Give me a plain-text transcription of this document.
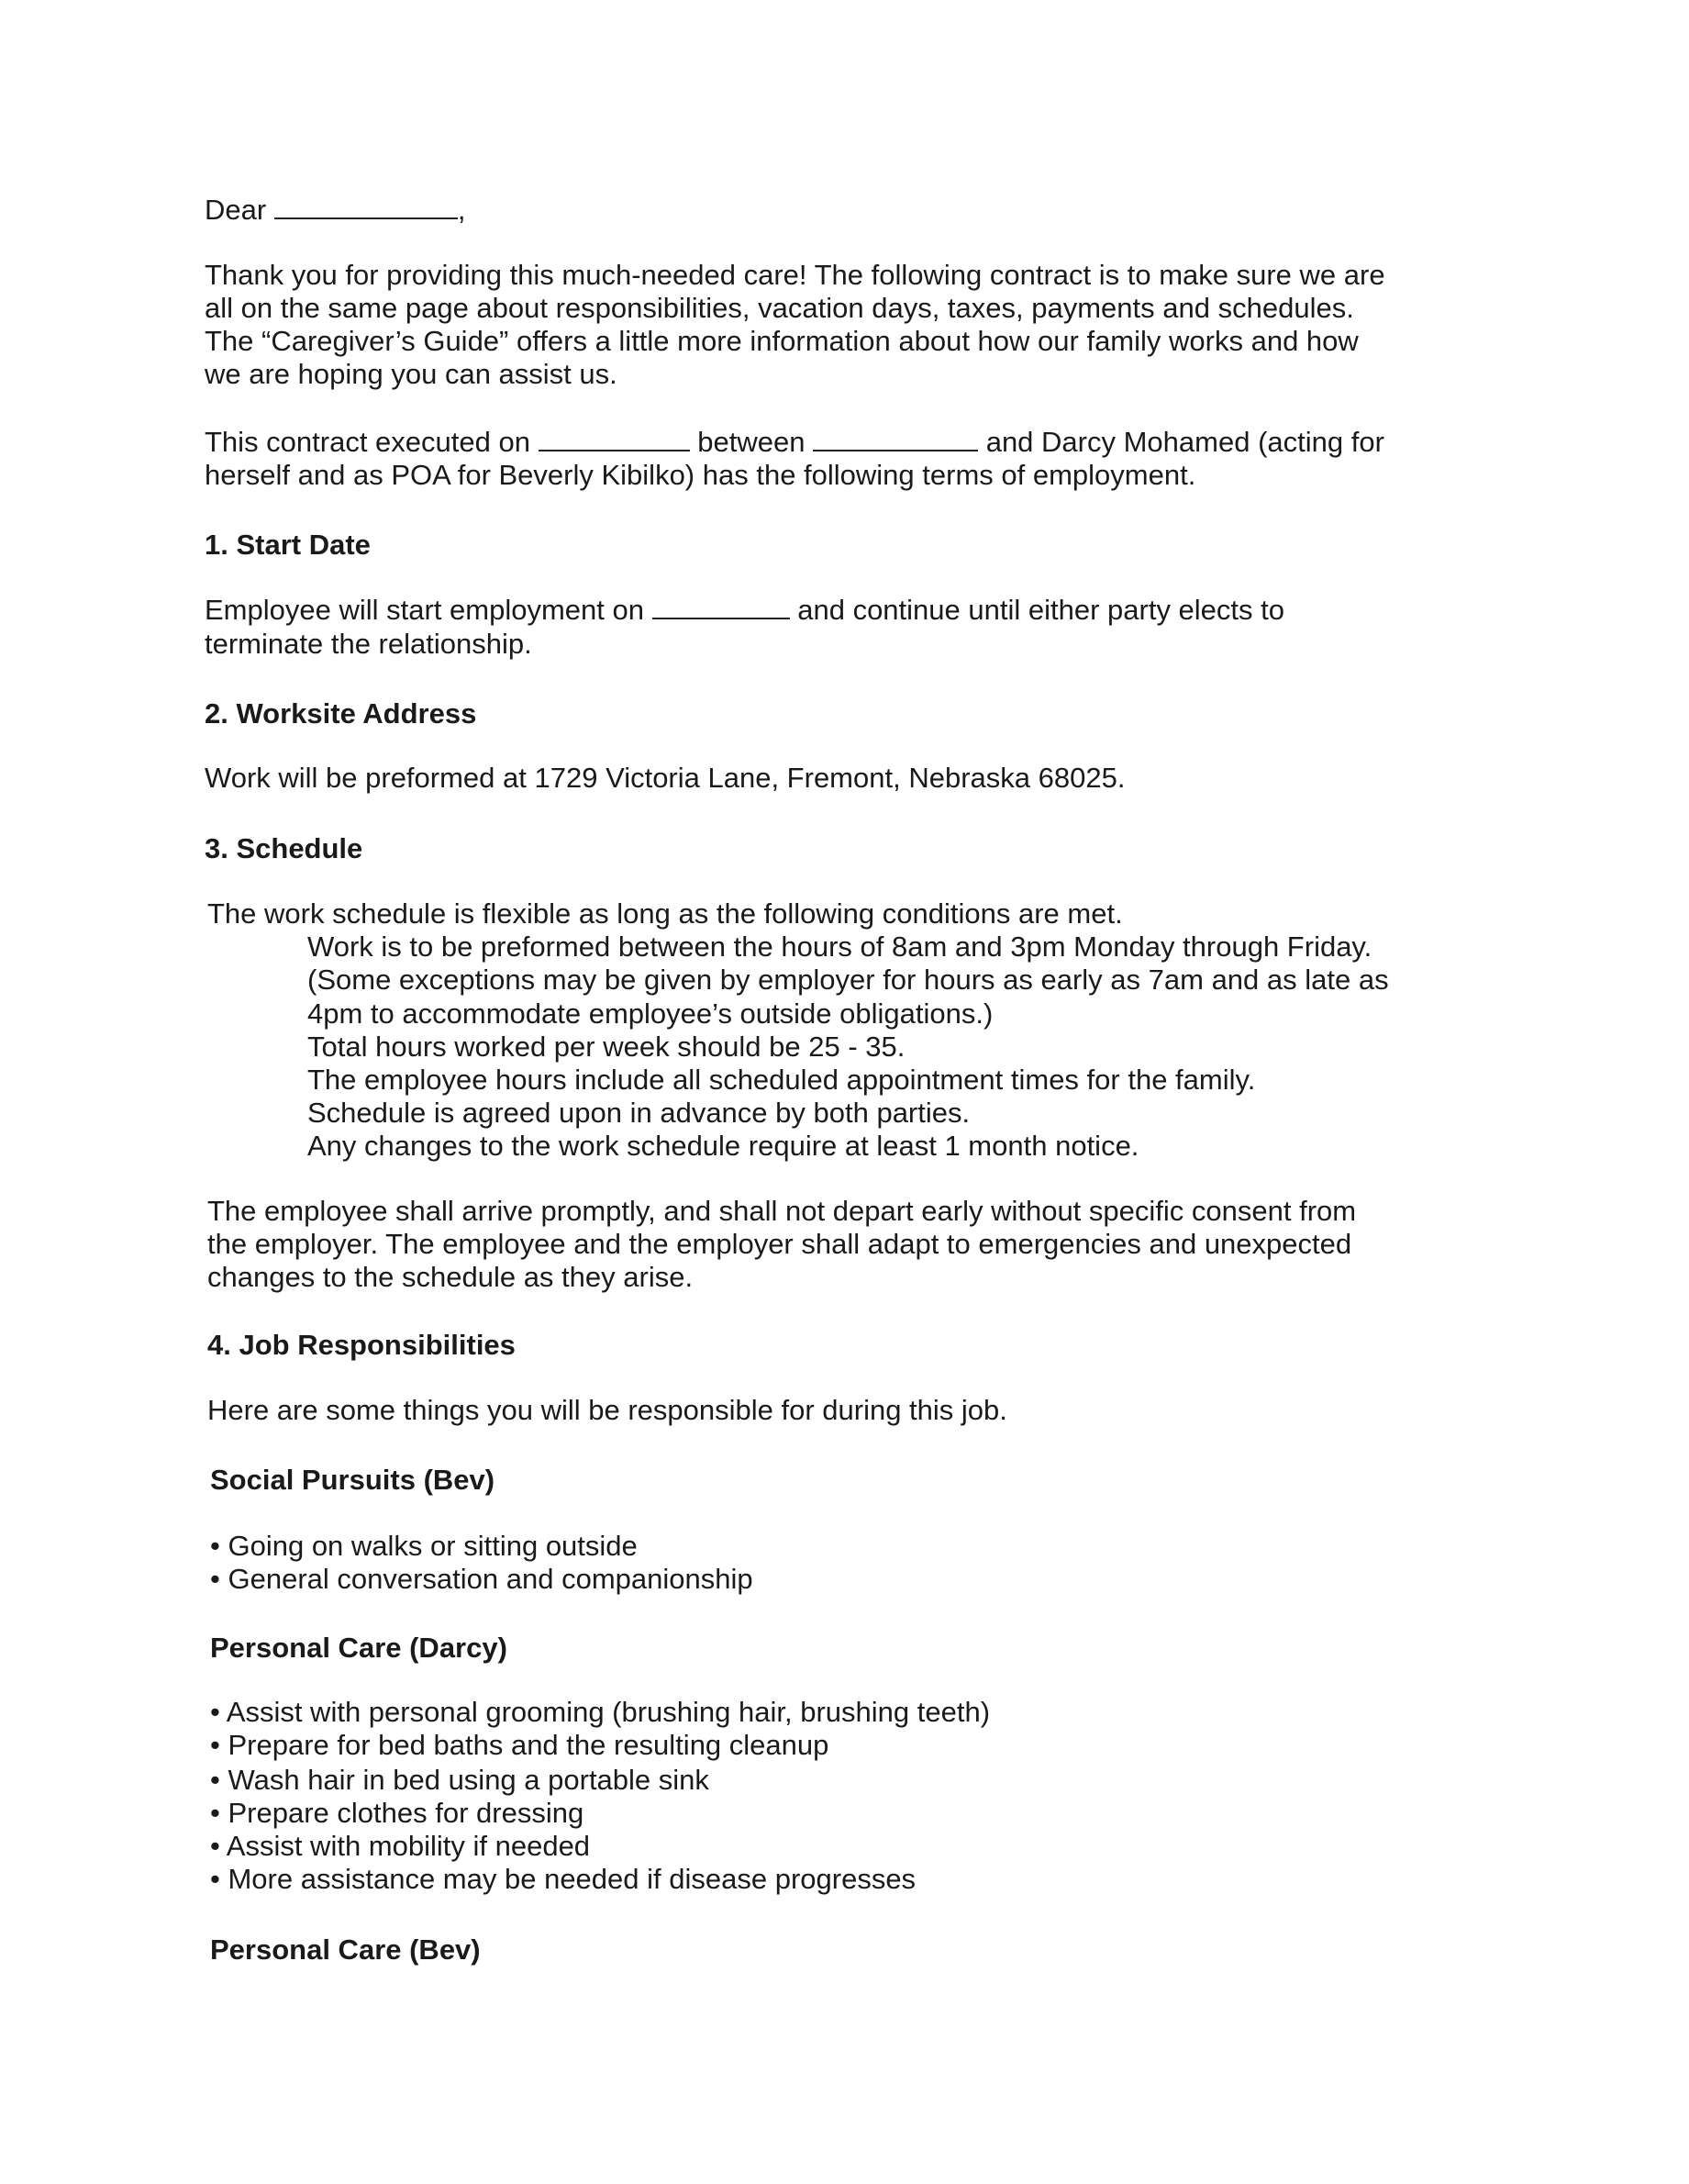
Dear	,
Thank you for providing this much-needed care! The following contract is to make sure we are
all on the same page about responsibilities, vacation days, taxes, payments and schedules.
The “Caregiver’s Guide” offers a little more information about how our family works and how
we are hoping you can assist us.
This contract executed on	between	and Darcy Mohamed (acting for
herself and as POA for Beverly Kibilko) has the following terms of employment.
1. Start Date
Employee will start employment on	and continue until either party elects to
terminate the relationship.
2. Worksite Address
Work will be preformed at 1729 Victoria Lane, Fremont, Nebraska 68025.
3. Schedule
The work schedule is flexible as long as the following conditions are met.
Work is to be preformed between the hours of 8am and 3pm Monday through Friday.
(Some exceptions may be given by employer for hours as early as 7am and as late as
4pm to accommodate employee’s outside obligations.)
Total hours worked per week should be 25 - 35.
The employee hours include all scheduled appointment times for the family.
Schedule is agreed upon in advance by both parties.
Any changes to the work schedule require at least 1 month notice.
The employee shall arrive promptly, and shall not depart early without specific consent from
the employer. The employee and the employer shall adapt to emergencies and unexpected
changes to the schedule as they arise.
4. Job Responsibilities
Here are some things you will be responsible for during this job.
Social Pursuits (Bev)
• Going on walks or sitting outside
• General conversation and companionship
Personal Care (Darcy)
• Assist with personal grooming (brushing hair, brushing teeth)
• Prepare for bed baths and the resulting cleanup
• Wash hair in bed using a portable sink
• Prepare clothes for dressing
• Assist with mobility if needed
• More assistance may be needed if disease progresses
Personal Care (Bev)
